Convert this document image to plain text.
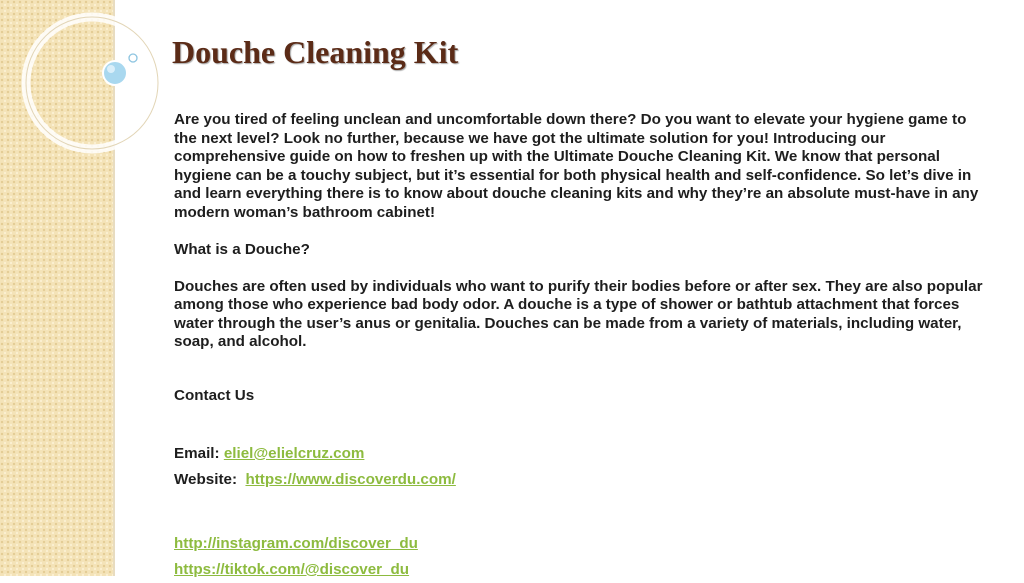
Douche Cleaning Kit

Are you tired of feeling unclean and uncomfortable down there? Do you want to elevate your hygiene game to the next level? Look no further, because we have got the ultimate solution for you! Introducing our comprehensive guide on how to freshen up with the Ultimate Douche Cleaning Kit. We know that personal hygiene can be a touchy subject, but it’s essential for both physical health and self-confidence. So let’s dive in and learn everything there is to know about douche cleaning kits and why they’re an absolute must-have in any modern woman’s bathroom cabinet!

What is a Douche?

Douches are often used by individuals who want to purify their bodies before or after sex. They are also popular among those who experience bad body odor. A douche is a type of shower or bathtub attachment that forces water through the user’s anus or genitalia. Douches can be made from a variety of materials, including water, soap, and alcohol.

Contact Us

Email: eliel@elielcruz.com

Website: https://www.discoverdu.com/

http://instagram.com/discover_du

https://tiktok.com/@discover_du
